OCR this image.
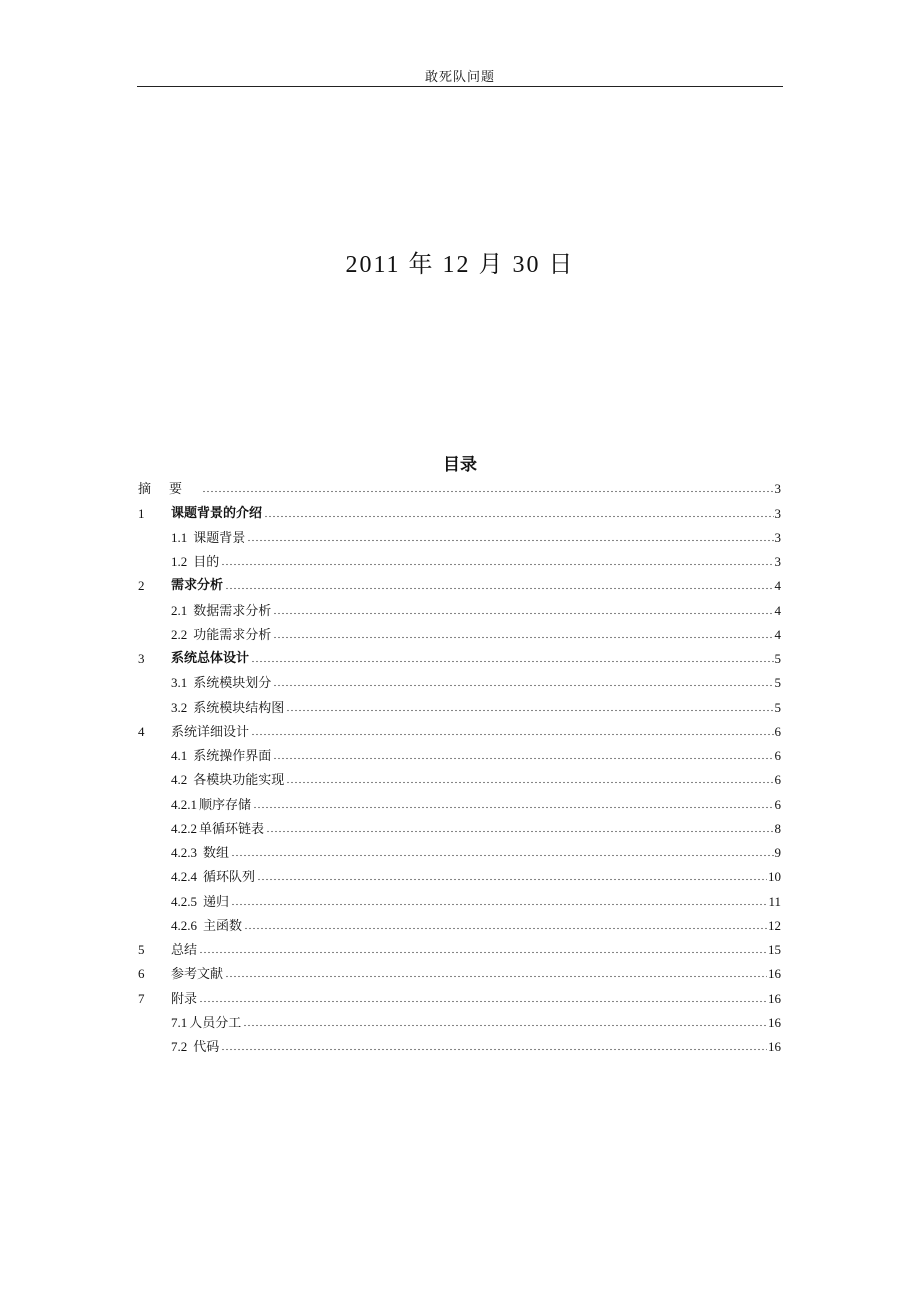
敢死队问题
2011 年 12 月 30 日
目录
摘要	3
1	课题背景的介绍	3
1.1 课题背景	3
1.2 目的	3
2	需求分析	4
2.1 数据需求分析	4
2.2 功能需求分析	4
3	系统总体设计	5
3.1 系统模块划分	5
3.2 系统模块结构图	5
4	系统详细设计	6
4.1 系统操作界面	6
4.2 各模块功能实现	6
4.2.1 顺序存储	6
4.2.2 单循环链表	8
4.2.3 数组	9
4.2.4 循环队列	10
4.2.5 递归	11
4.2.6 主函数	12
5	总结	15
6	参考文献	16
7	附录	16
7.1 人员分工	16
7.2 代码	16
